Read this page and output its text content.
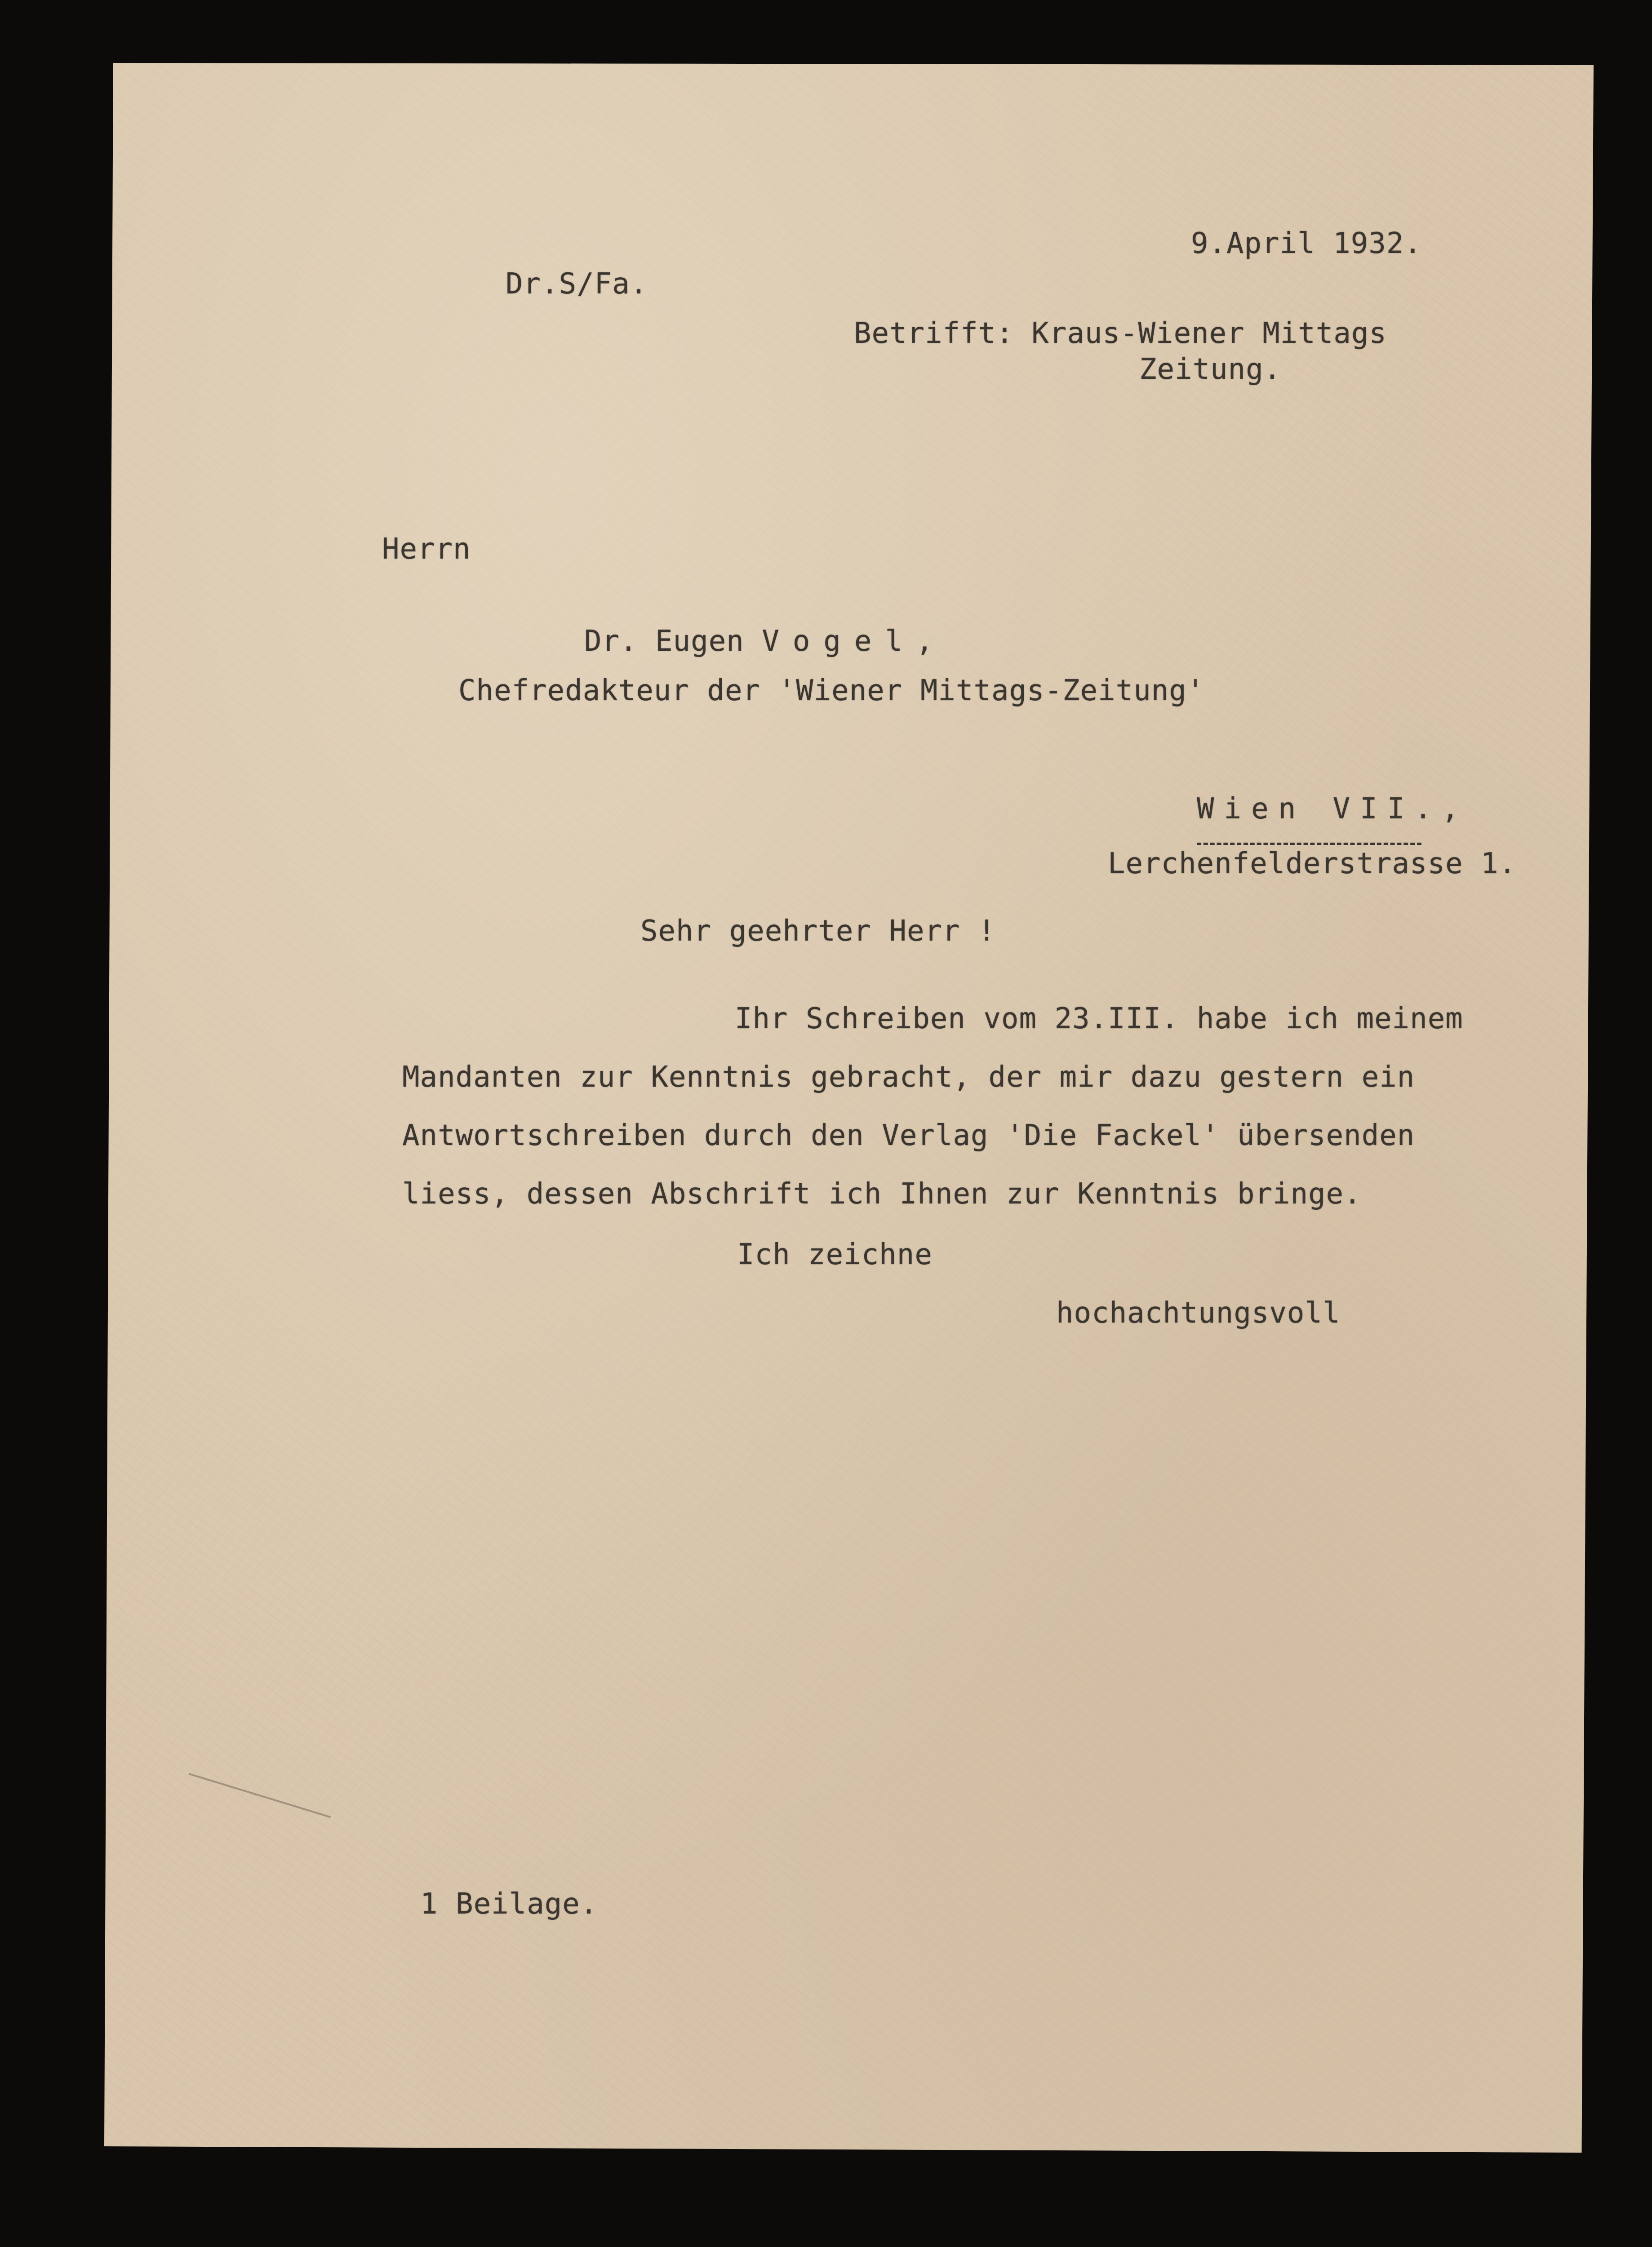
9.April 1932.
Dr.S/Fa.
Betrifft: Kraus-Wiener Mittags
Zeitung.
Herrn
Dr. Eugen Vogel,
Chefredakteur der 'Wiener Mittags-Zeitung'
Wien VII.,
Lerchenfelderstrasse 1.
Sehr geehrter Herr !
Ihr Schreiben vom 23.III. habe ich meinem
Mandanten zur Kenntnis gebracht, der mir dazu gestern ein
Antwortschreiben durch den Verlag 'Die Fackel' übersenden
liess, dessen Abschrift ich Ihnen zur Kenntnis bringe.
Ich zeichne
hochachtungsvoll
1 Beilage.
